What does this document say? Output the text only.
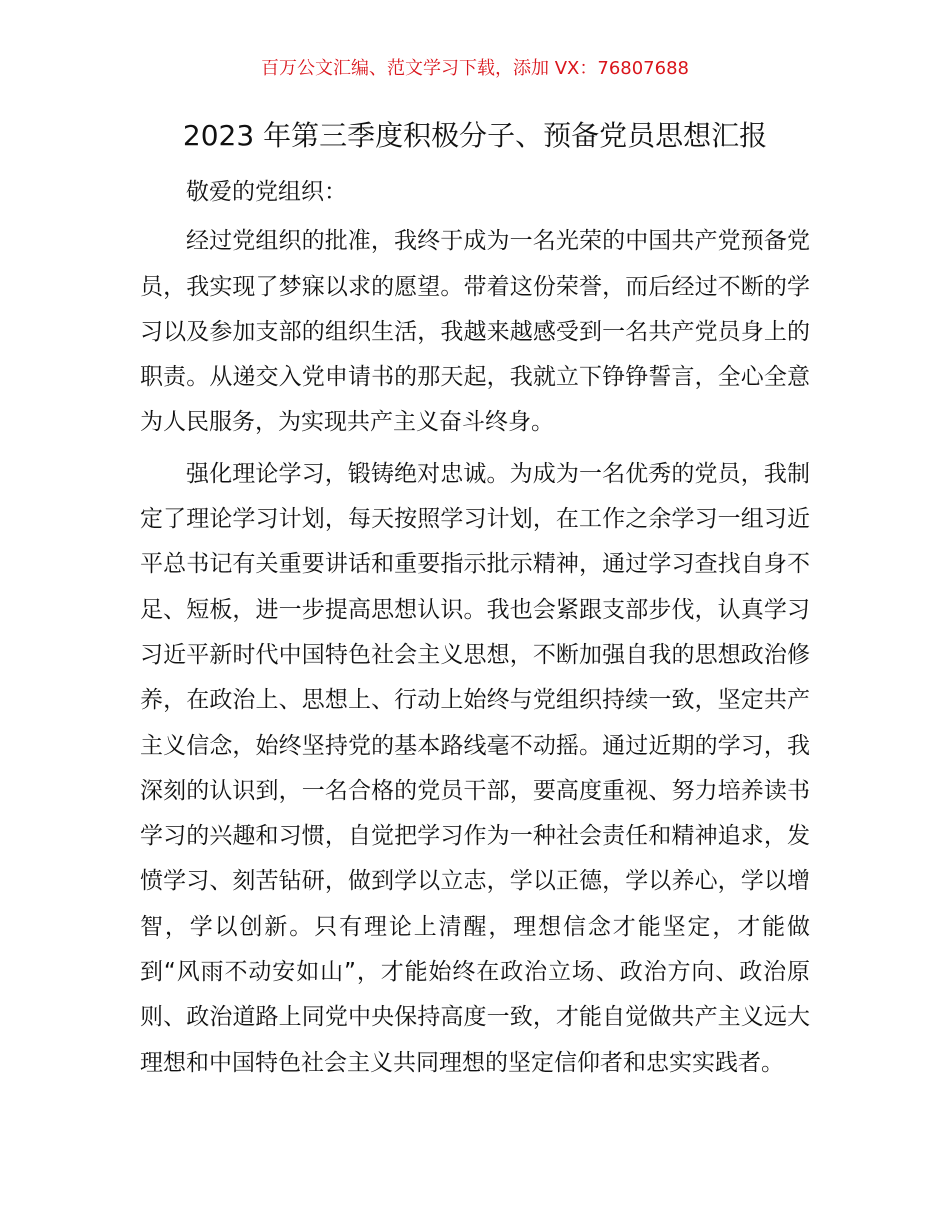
百万公文汇编、范文学习下载，添加 VX：76807688
2023 年第三季度积极分子、预备党员思想汇报

敬爱的党组织：

经过党组织的批准，我终于成为一名光荣的中国共产党预备党员，我实现了梦寐以求的愿望。带着这份荣誉，而后经过不断的学习以及参加支部的组织生活，我越来越感受到一名共产党员身上的职责。从递交入党申请书的那天起，我就立下铮铮誓言，全心全意为人民服务，为实现共产主义奋斗终身。

强化理论学习，锻铸绝对忠诚。为成为一名优秀的党员，我制定了理论学习计划，每天按照学习计划，在工作之余学习一组习近平总书记有关重要讲话和重要指示批示精神，通过学习查找自身不足、短板，进一步提高思想认识。我也会紧跟支部步伐，认真学习习近平新时代中国特色社会主义思想，不断加强自我的思想政治修养，在政治上、思想上、行动上始终与党组织持续一致，坚定共产主义信念，始终坚持党的基本路线毫不动摇。通过近期的学习，我深刻的认识到，一名合格的党员干部，要高度重视、努力培养读书学习的兴趣和习惯，自觉把学习作为一种社会责任和精神追求，发愤学习、刻苦钻研，做到学以立志，学以正德，学以养心，学以增智，学以创新。只有理论上清醒，理想信念才能坚定，才能做到“风雨不动安如山”，才能始终在政治立场、政治方向、政治原则、政治道路上同党中央保持高度一致，才能自觉做共产主义远大理想和中国特色社会主义共同理想的坚定信仰者和忠实实践者。
